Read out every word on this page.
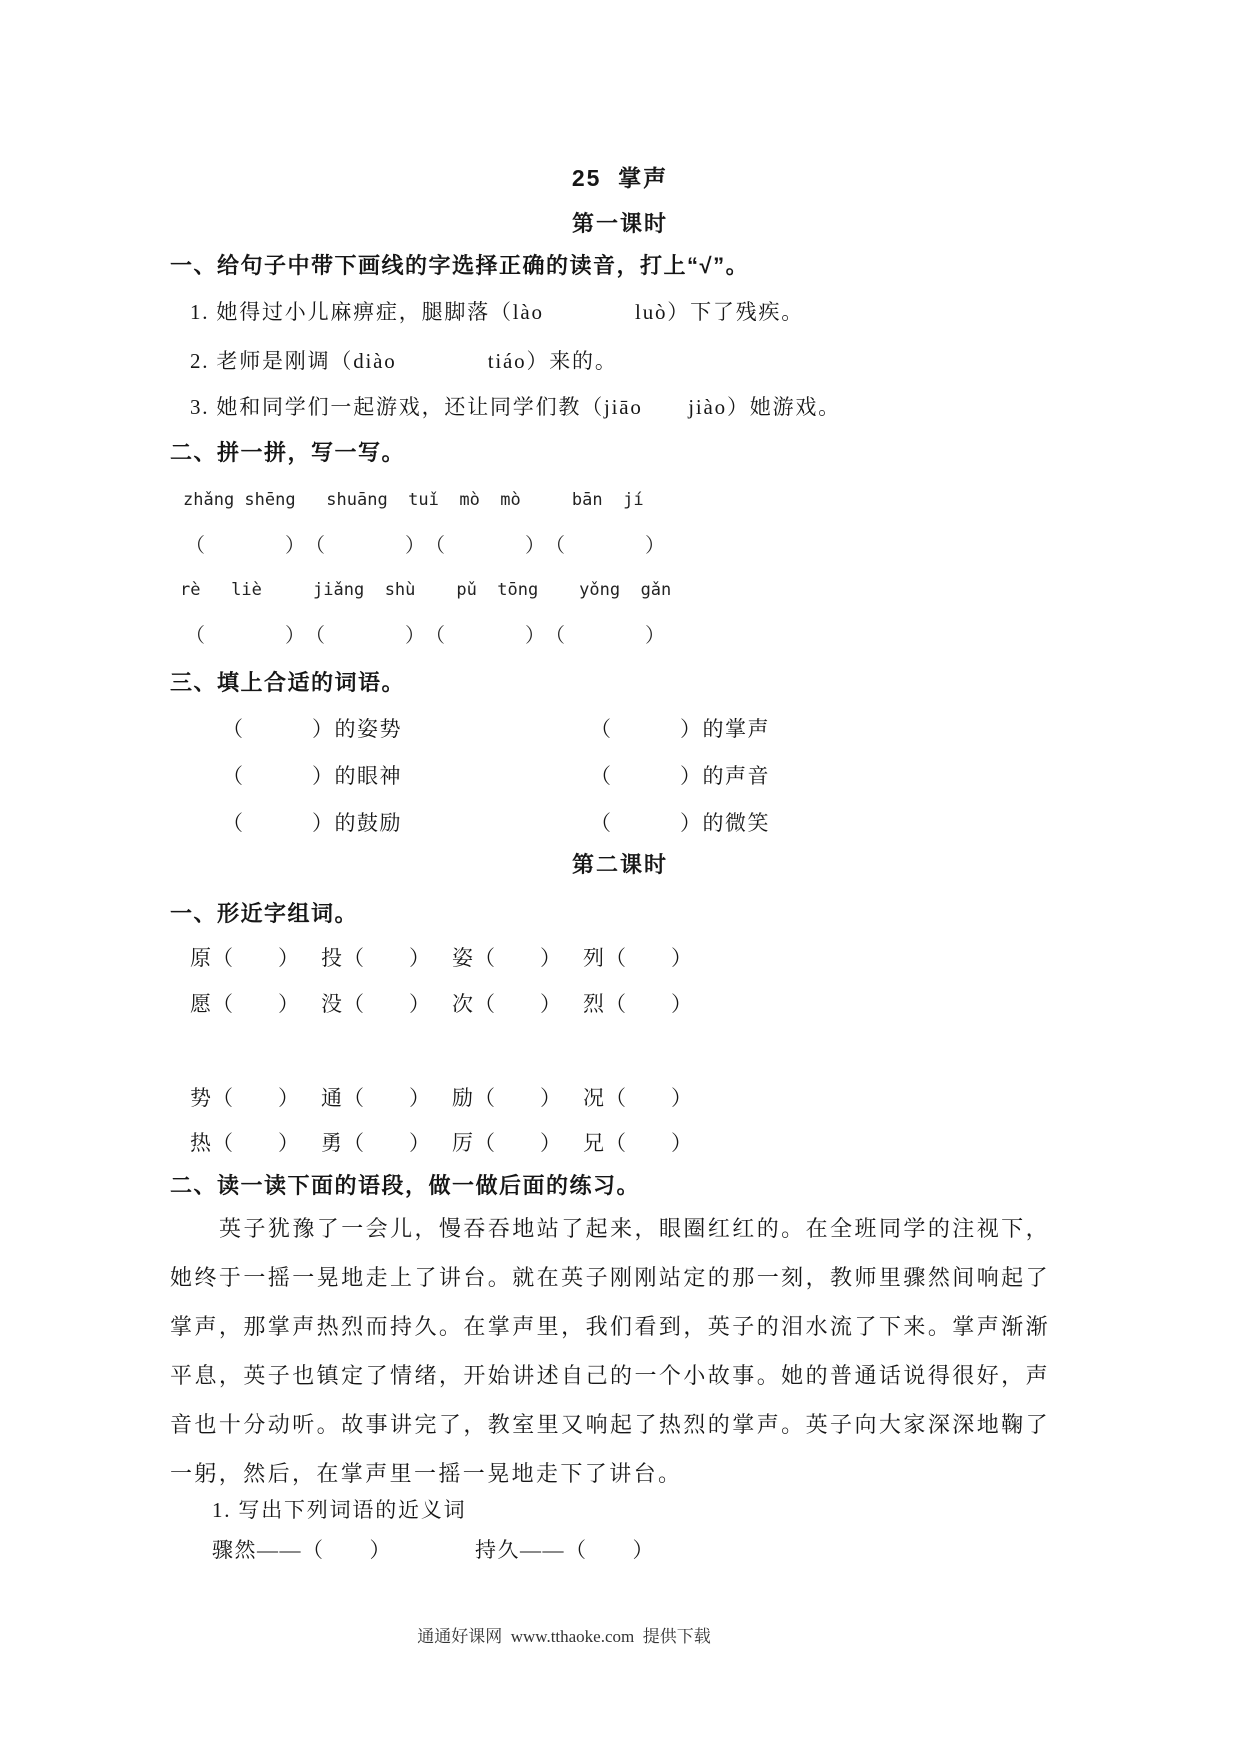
25  掌声
第一课时
一、给句子中带下画线的字选择正确的读音，打上“√”。
1. 她得过小儿麻痹症，腿脚落（lào　　　　luò）下了残疾。
2. 老师是刚调（diào　　　　tiáo）来的。
3. 她和同学们一起游戏，还让同学们教（jiāo　　jiào）她游戏。
二、拼一拼，写一写。
zhǎng shēng   shuāng  tuǐ  mò  mò     bān  jí
（　　　　）　（　　　　）　（　　　　）　（　　　　）
rè   liè     jiǎng  shù    pǔ  tōng    yǒng  gǎn
（　　　　）　（　　　　）　（　　　　）　（　　　　）
三、填上合适的词语。
（　　　）的姿势	（　　　）的掌声
（　　　）的眼神	（　　　）的声音
（　　　）的鼓励	（　　　）的微笑
第二课时
一、形近字组词。
原（　　） 投（　　） 姿（　　） 列（　　）
愿（　　） 没（　　） 次（　　） 烈（　　）
势（　　） 通（　　） 励（　　） 况（　　）
热（　　） 勇（　　） 厉（　　） 兄（　　）
二、读一读下面的语段，做一做后面的练习。
英子犹豫了一会儿，慢吞吞地站了起来，眼圈红红的。在全班同学的注视下，她终于一摇一晃地走上了讲台。就在英子刚刚站定的那一刻，教师里骤然间响起了掌声，那掌声热烈而持久。在掌声里，我们看到，英子的泪水流了下来。掌声渐渐平息，英子也镇定了情绪，开始讲述自己的一个小故事。她的普通话说得很好，声音也十分动听。故事讲完了，教室里又响起了热烈的掌声。英子向大家深深地鞠了一躬，然后，在掌声里一摇一晃地走下了讲台。
1. 写出下列词语的近义词
骤然——（　　）	持久——（　　）
通通好课网  www.tthaoke.com  提供下载
